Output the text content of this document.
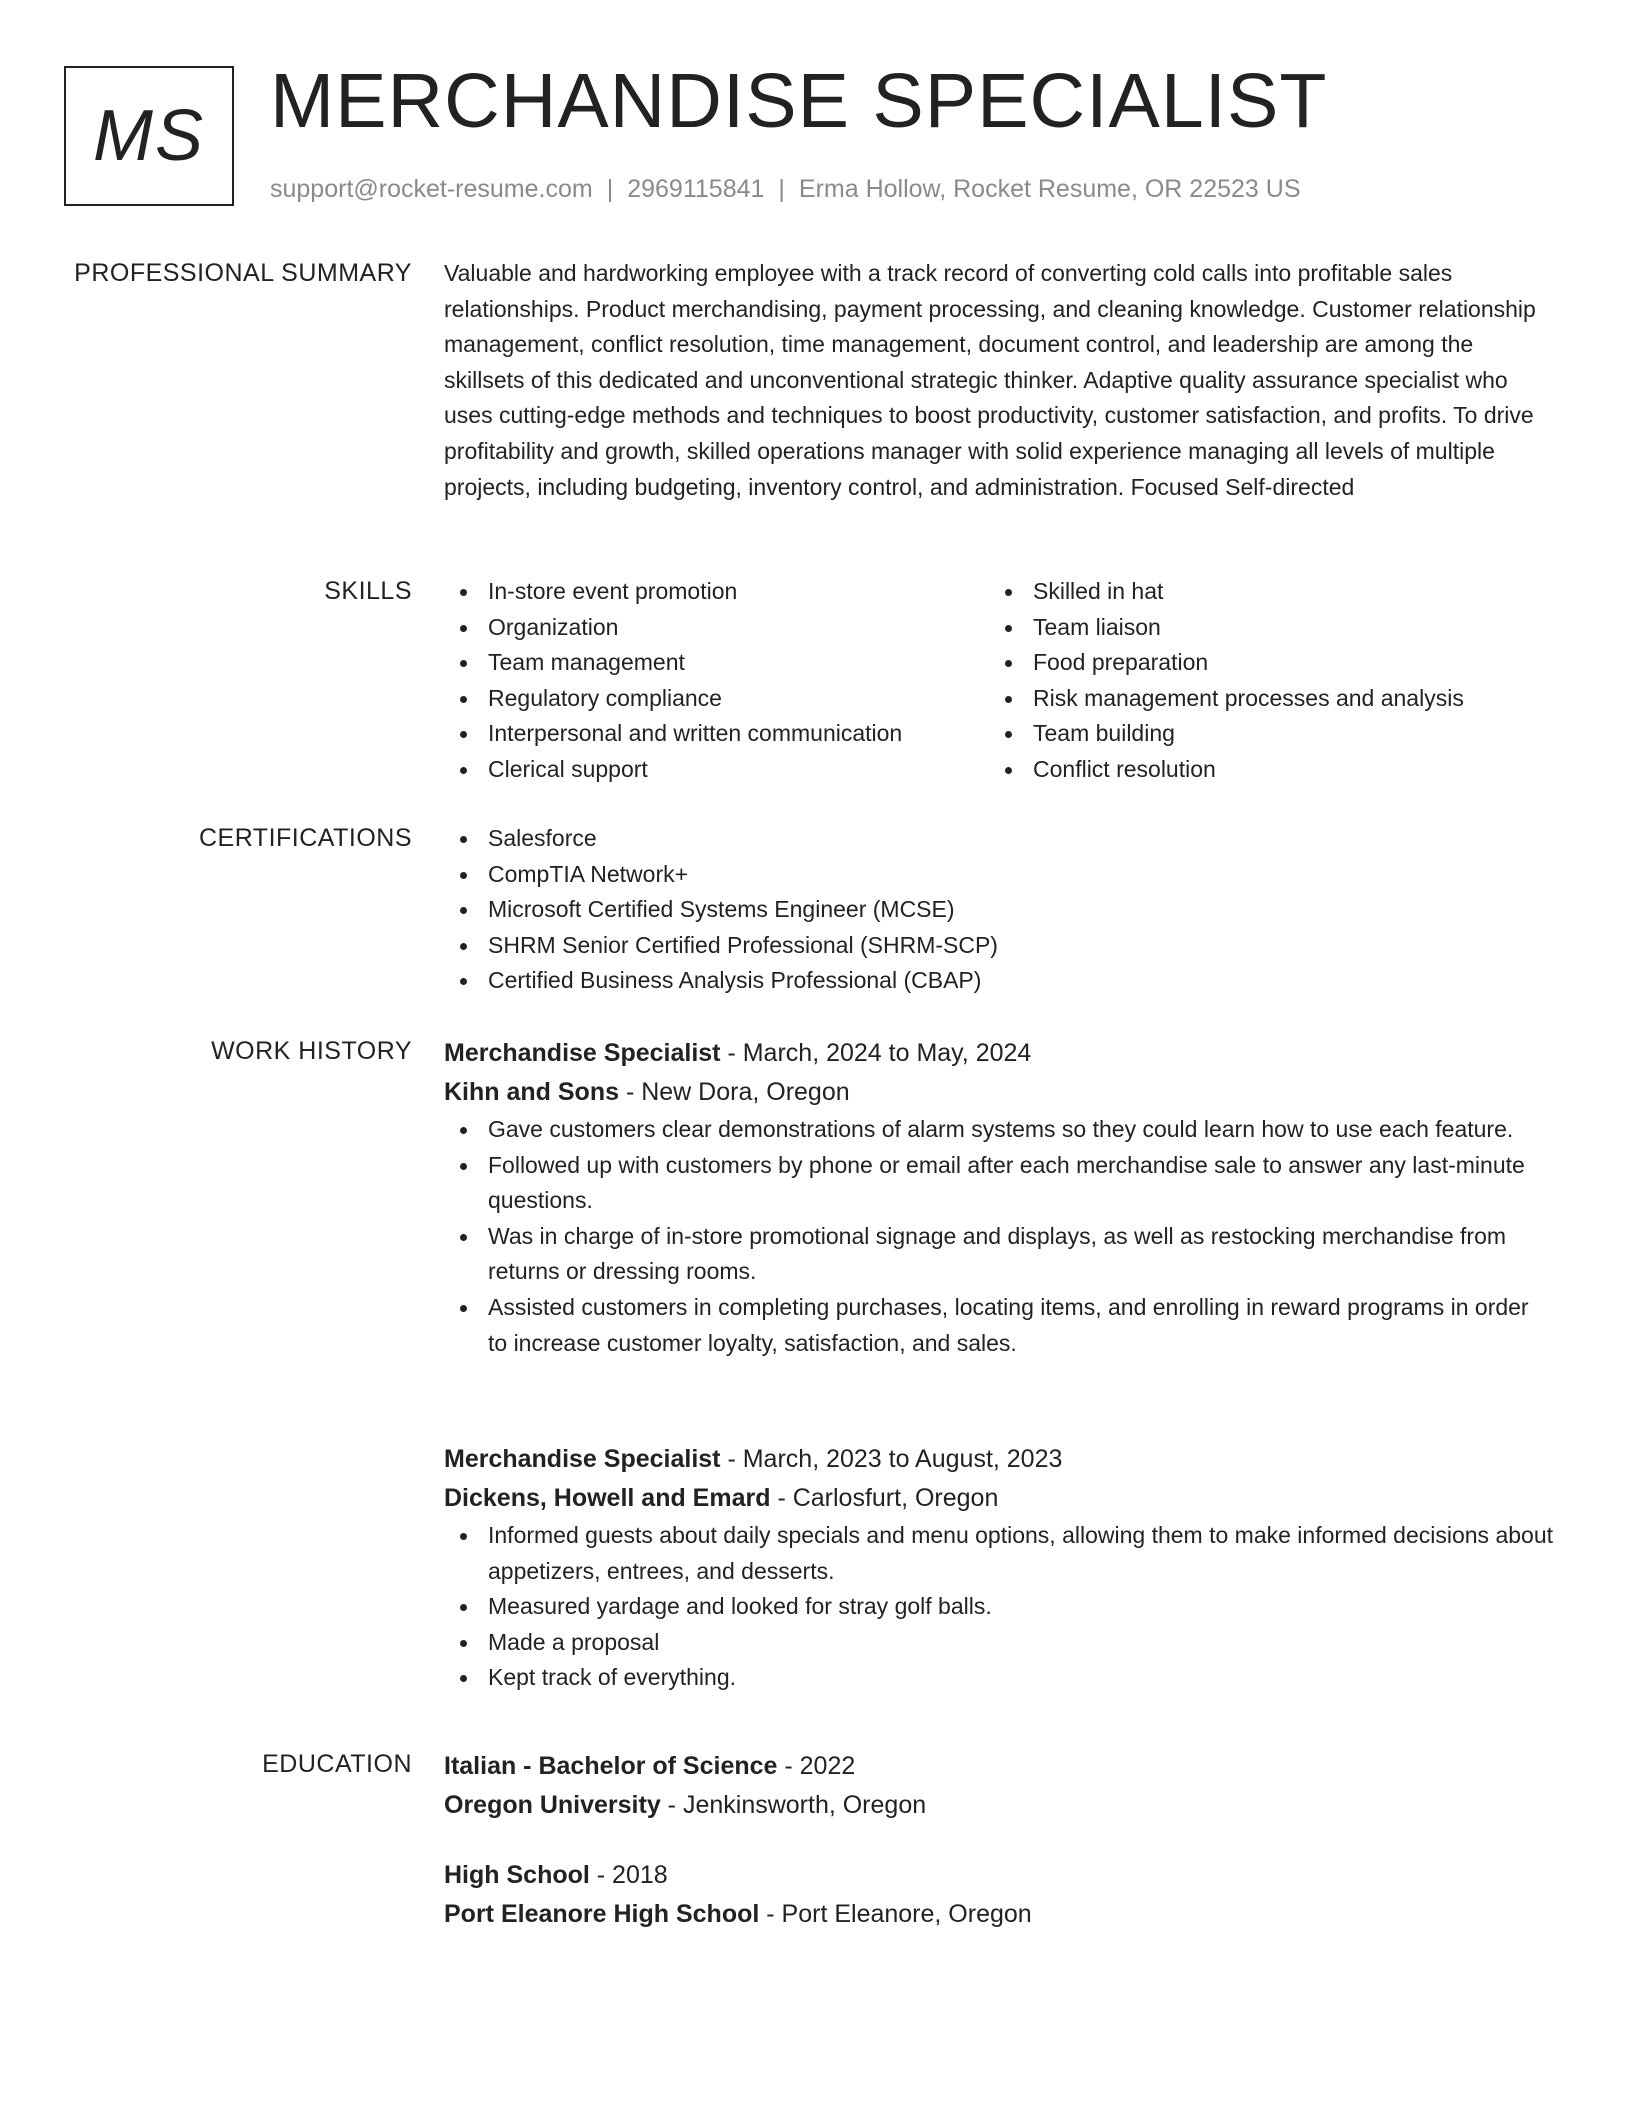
MS MERCHANDISE SPECIALIST
support@rocket-resume.com | 2969115841 | Erma Hollow, Rocket Resume, OR 22523 US
PROFESSIONAL SUMMARY Valuable and hardworking employee with a track record of converting cold calls into profitable sales relationships. Product merchandising, payment processing, and cleaning knowledge. Customer relationship management, conflict resolution, time management, document control, and leadership are among the skillsets of this dedicated and unconventional strategic thinker. Adaptive quality assurance specialist who uses cutting-edge methods and techniques to boost productivity, customer satisfaction, and profits. To drive profitability and growth, skilled operations manager with solid experience managing all levels of multiple projects, including budgeting, inventory control, and administration. Focused Self-directed

SKILLS	In-store event promotion
Organization
Team management
Regulatory compliance
Interpersonal and written communication
Clerical support
Skilled in hat
Team liaison
Food preparation
Risk management processes and analysis
Team building
Conflict resolution
CERTIFICATIONS	Salesforce
CompTIA Network+
Microsoft Certified Systems Engineer (MCSE)
SHRM Senior Certified Professional (SHRM-SCP)
Certified Business Analysis Professional (CBAP)
WORK HISTORY Merchandise Specialist - March, 2024 to May, 2024
Kihn and Sons - New Dora, Oregon
Gave customers clear demonstrations of alarm systems so they could learn how to use each feature.
Followed up with customers by phone or email after each merchandise sale to answer any last-minute questions.
Was in charge of in-store promotional signage and displays, as well as restocking merchandise from returns or dressing rooms.
Assisted customers in completing purchases, locating items, and enrolling in reward programs in order to increase customer loyalty, satisfaction, and sales.
Merchandise Specialist - March, 2023 to August, 2023
Dickens, Howell and Emard - Carlosfurt, Oregon
Informed guests about daily specials and menu options, allowing them to make informed decisions about appetizers, entrees, and desserts.
Measured yardage and looked for stray golf balls.
Made a proposal
Kept track of everything.
EDUCATION Italian - Bachelor of Science - 2022
Oregon University - Jenkinsworth, Oregon
High School - 2018
Port Eleanore High School - Port Eleanore, Oregon
